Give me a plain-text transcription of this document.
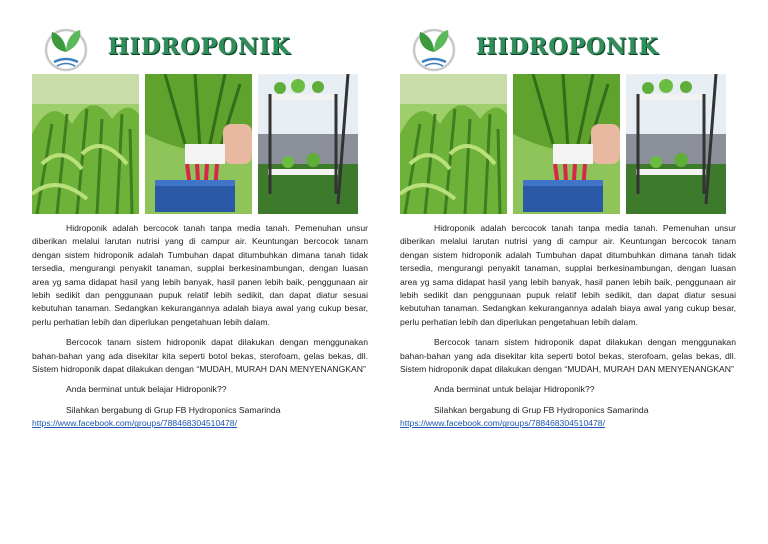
HIDROPONIK

Hidroponik adalah bercocok tanah tanpa media tanah. Pemenuhan unsur diberikan melalui larutan nutrisi yang di campur air. Keuntungan bercocok tanam dengan sistem hidroponik adalah Tumbuhan dapat ditumbuhkan dimana tanah tidak tersedia, mengurangi penyakit tanaman, supplai berkesinambungan, dengan luasan area yg sama didapat hasil yang lebih banyak, hasil panen lebih baik, penggunaan air lebih sedikit dan penggunaan pupuk relatif lebih sedikit, dan dapat diatur sesuai kebutuhan tanaman. Sedangkan kekurangannya adalah biaya awal yang cukup besar, perlu perhatian lebih dan diperlukan pengetahuan lebih dalam.

Bercocok tanam sistem hidroponik dapat dilakukan dengan menggunakan bahan-bahan yang ada disekitar kita seperti botol bekas, sterofoam, gelas bekas, dll. Sistem hidroponik dapat dilakukan dengan “MUDAH, MURAH DAN MENYENANGKAN”

Anda berminat untuk belajar Hidroponik??

Silahkan bergabung di Grup FB Hydroponics Samarinda
https://www.facebook.com/groups/788468304510478/

HIDROPONIK

Hidroponik adalah bercocok tanah tanpa media tanah. Pemenuhan unsur diberikan melalui larutan nutrisi yang di campur air. Keuntungan bercocok tanam dengan sistem hidroponik adalah Tumbuhan dapat ditumbuhkan dimana tanah tidak tersedia, mengurangi penyakit tanaman, supplai berkesinambungan, dengan luasan area yg sama didapat hasil yang lebih banyak, hasil panen lebih baik, penggunaan air lebih sedikit dan penggunaan pupuk relatif lebih sedikit, dan dapat diatur sesuai kebutuhan tanaman. Sedangkan kekurangannya adalah biaya awal yang cukup besar, perlu perhatian lebih dan diperlukan pengetahuan lebih dalam.

Bercocok tanam sistem hidroponik dapat dilakukan dengan menggunakan bahan-bahan yang ada disekitar kita seperti botol bekas, sterofoam, gelas bekas, dll. Sistem hidroponik dapat dilakukan dengan “MUDAH, MURAH DAN MENYENANGKAN”

Anda berminat untuk belajar Hidroponik??

Silahkan bergabung di Grup FB Hydroponics Samarinda
https://www.facebook.com/groups/788468304510478/
